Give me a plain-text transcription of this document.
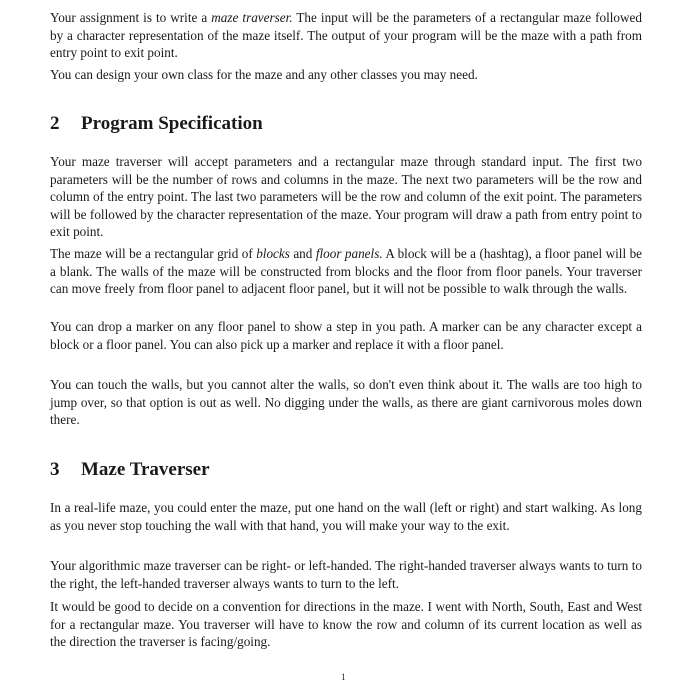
Your assignment is to write a maze traverser. The input will be the parameters of a rectangular maze followed by a character representation of the maze itself. The output of your program will be the maze with a path from entry point to exit point.

You can design your own class for the maze and any other classes you may need.

2 Program Specification

Your maze traverser will accept parameters and a rectangular maze through standard input. The first two parameters will be the number of rows and columns in the maze. The next two parameters will be the row and column of the entry point. The last two parameters will be the row and column of the exit point. The parameters will be followed by the character representation of the maze. Your program will draw a path from entry point to exit point.

The maze will be a rectangular grid of blocks and floor panels. A block will be a (hashtag), a floor panel will be a blank. The walls of the maze will be constructed from blocks and the floor from floor panels. Your traverser can move freely from floor panel to adjacent floor panel, but it will not be possible to walk through the walls.

You can drop a marker on any floor panel to show a step in you path. A marker can be any character except a block or a floor panel. You can also pick up a marker and replace it with a floor panel.

You can touch the walls, but you cannot alter the walls, so don't even think about it. The walls are too high to jump over, so that option is out as well. No digging under the walls, as there are giant carnivorous moles down there.

3 Maze Traverser

In a real-life maze, you could enter the maze, put one hand on the wall (left or right) and start walking. As long as you never stop touching the wall with that hand, you will make your way to the exit.

Your algorithmic maze traverser can be right- or left-handed. The right-handed traverser always wants to turn to the right, the left-handed traverser always wants to turn to the left.

It would be good to decide on a convention for directions in the maze. I went with North, South, East and West for a rectangular maze. You traverser will have to know the row and column of its current location as well as the direction the traverser is facing/going.

1
